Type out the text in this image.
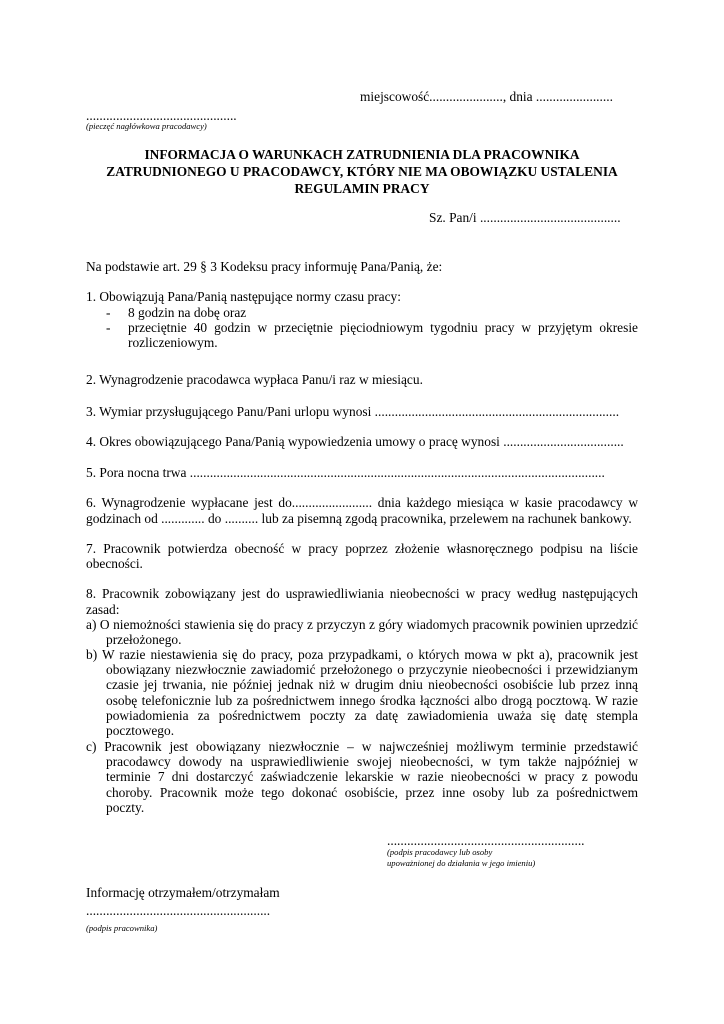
miejscowość......................, dnia .......................
.............................................
(pieczęć nagłówkowa pracodawcy)
INFORMACJA O WARUNKACH ZATRUDNIENIA DLA PRACOWNIKA
ZATRUDNIONEGO U PRACODAWCY, KTÓRY NIE MA OBOWIĄZKU USTALENIA
REGULAMIN PRACY
Sz. Pan/i ..........................................
Na podstawie art. 29 § 3 Kodeksu pracy informuję Pana/Panią, że:
1. Obowiązują Pana/Panią następujące normy czasu pracy:
- 8 godzin na dobę oraz
- przeciętnie 40 godzin w przeciętnie pięciodniowym tygodniu pracy w przyjętym okresie
rozliczeniowym.
2. Wynagrodzenie pracodawca wypłaca Panu/i raz w miesiącu.
3. Wymiar przysługującego Panu/Pani urlopu wynosi .........................................................................
4. Okres obowiązującego Pana/Panią wypowiedzenia umowy o pracę wynosi ....................................
5. Pora nocna trwa ............................................................................................................................
6. Wynagrodzenie wypłacane jest do........................ dnia każdego miesiąca w kasie pracodawcy w
godzinach od ............. do .......... lub za pisemną zgodą pracownika, przelewem na rachunek bankowy.
7. Pracownik potwierdza obecność w pracy poprzez złożenie własnoręcznego podpisu na liście
obecności.
8. Pracownik zobowiązany jest do usprawiedliwiania nieobecności w pracy według następujących
zasad:
a) O niemożności stawienia się do pracy z przyczyn z góry wiadomych pracownik powinien uprzedzić
przełożonego.
b) W razie niestawienia się do pracy, poza przypadkami, o których mowa w pkt a), pracownik jest
obowiązany niezwłocznie zawiadomić przełożonego o przyczynie nieobecności i przewidzianym
czasie jej trwania, nie później jednak niż w drugim dniu nieobecności osobiście lub przez inną
osobę telefonicznie lub za pośrednictwem innego środka łączności albo drogą pocztową. W razie
powiadomienia za pośrednictwem poczty za datę zawiadomienia uważa się datę stempla
pocztowego.
c) Pracownik jest obowiązany niezwłocznie – w najwcześniej możliwym terminie przedstawić
pracodawcy dowody na usprawiedliwienie swojej nieobecności, w tym także najpóźniej w
terminie 7 dni dostarczyć zaświadczenie lekarskie w razie nieobecności w pracy z powodu
choroby. Pracownik może tego dokonać osobiście, przez inne osoby lub za pośrednictwem
poczty.
...........................................................
(podpis pracodawcy lub osoby
upoważnionej do działania w jego imieniu)
Informację otrzymałem/otrzymałam
.......................................................
(podpis pracownika)
